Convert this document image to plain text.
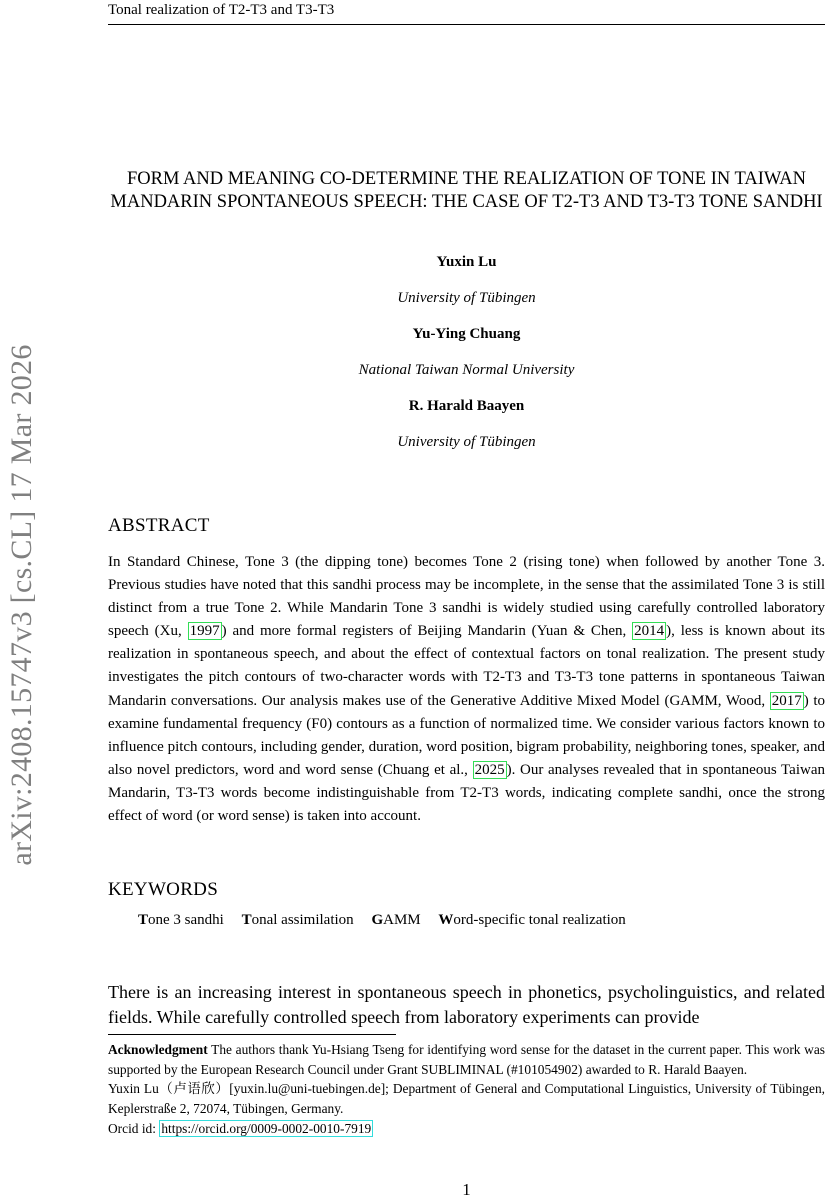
Tonal realization of T2-T3 and T3-T3
arXiv:2408.15747v3 [cs.CL] 17 Mar 2026
FORM AND MEANING CO-DETERMINE THE REALIZATION OF TONE IN TAIWAN MANDARIN SPONTANEOUS SPEECH: THE CASE OF T2-T3 AND T3-T3 TONE SANDHI
Yuxin Lu
University of Tübingen
Yu-Ying Chuang
National Taiwan Normal University
R. Harald Baayen
University of Tübingen
ABSTRACT

In Standard Chinese, Tone 3 (the dipping tone) becomes Tone 2 (rising tone) when followed by another Tone 3. Previous studies have noted that this sandhi process may be incomplete, in the sense that the assimilated Tone 3 is still distinct from a true Tone 2. While Mandarin Tone 3 sandhi is widely studied using carefully controlled laboratory speech (Xu, 1997 ) and more formal registers of Beijing Mandarin (Yuan & Chen, 2014 ), less is known about its realization in spontaneous speech, and about the effect of contextual factors on tonal realization. The present study investigates the pitch contours of two-character words with T2-T3 and T3-T3 tone patterns in spontaneous Taiwan Mandarin conversations. Our analysis makes use of the Generative Additive Mixed Model (GAMM, Wood, 2017 ) to examine fundamental frequency (F0) contours as a function of normalized time. We consider various factors known to influence pitch contours, including gender, duration, word position, bigram probability, neighboring tones, speaker, and also novel predictors, word and word sense (Chuang et al., 2025 ). Our analyses revealed that in spontaneous Taiwan Mandarin, T3-T3 words become indistinguishable from T2-T3 words, indicating complete sandhi, once the strong effect of word (or word sense) is taken into account.

KEYWORDS
Tone 3 sandhi Tonal assimilation GAMM Word-specific tonal realization

There is an increasing interest in spontaneous speech in phonetics, psycholinguistics, and related fields. While carefully controlled speech from laboratory experiments can provide

Acknowledgment The authors thank Yu-Hsiang Tseng for identifying word sense for the dataset in the current paper. This work was supported by the European Research Council under Grant SUBLIMINAL (#101054902) awarded to R. Harald Baayen.

Yuxin Lu（卢语欣）[yuxin.lu@uni-tuebingen.de]; Department of General and Computational Linguistics, University of Tübingen, Keplerstraße 2, 72074, Tübingen, Germany.

Orcid id: https://orcid.org/0009-0002-0010-7919

1
